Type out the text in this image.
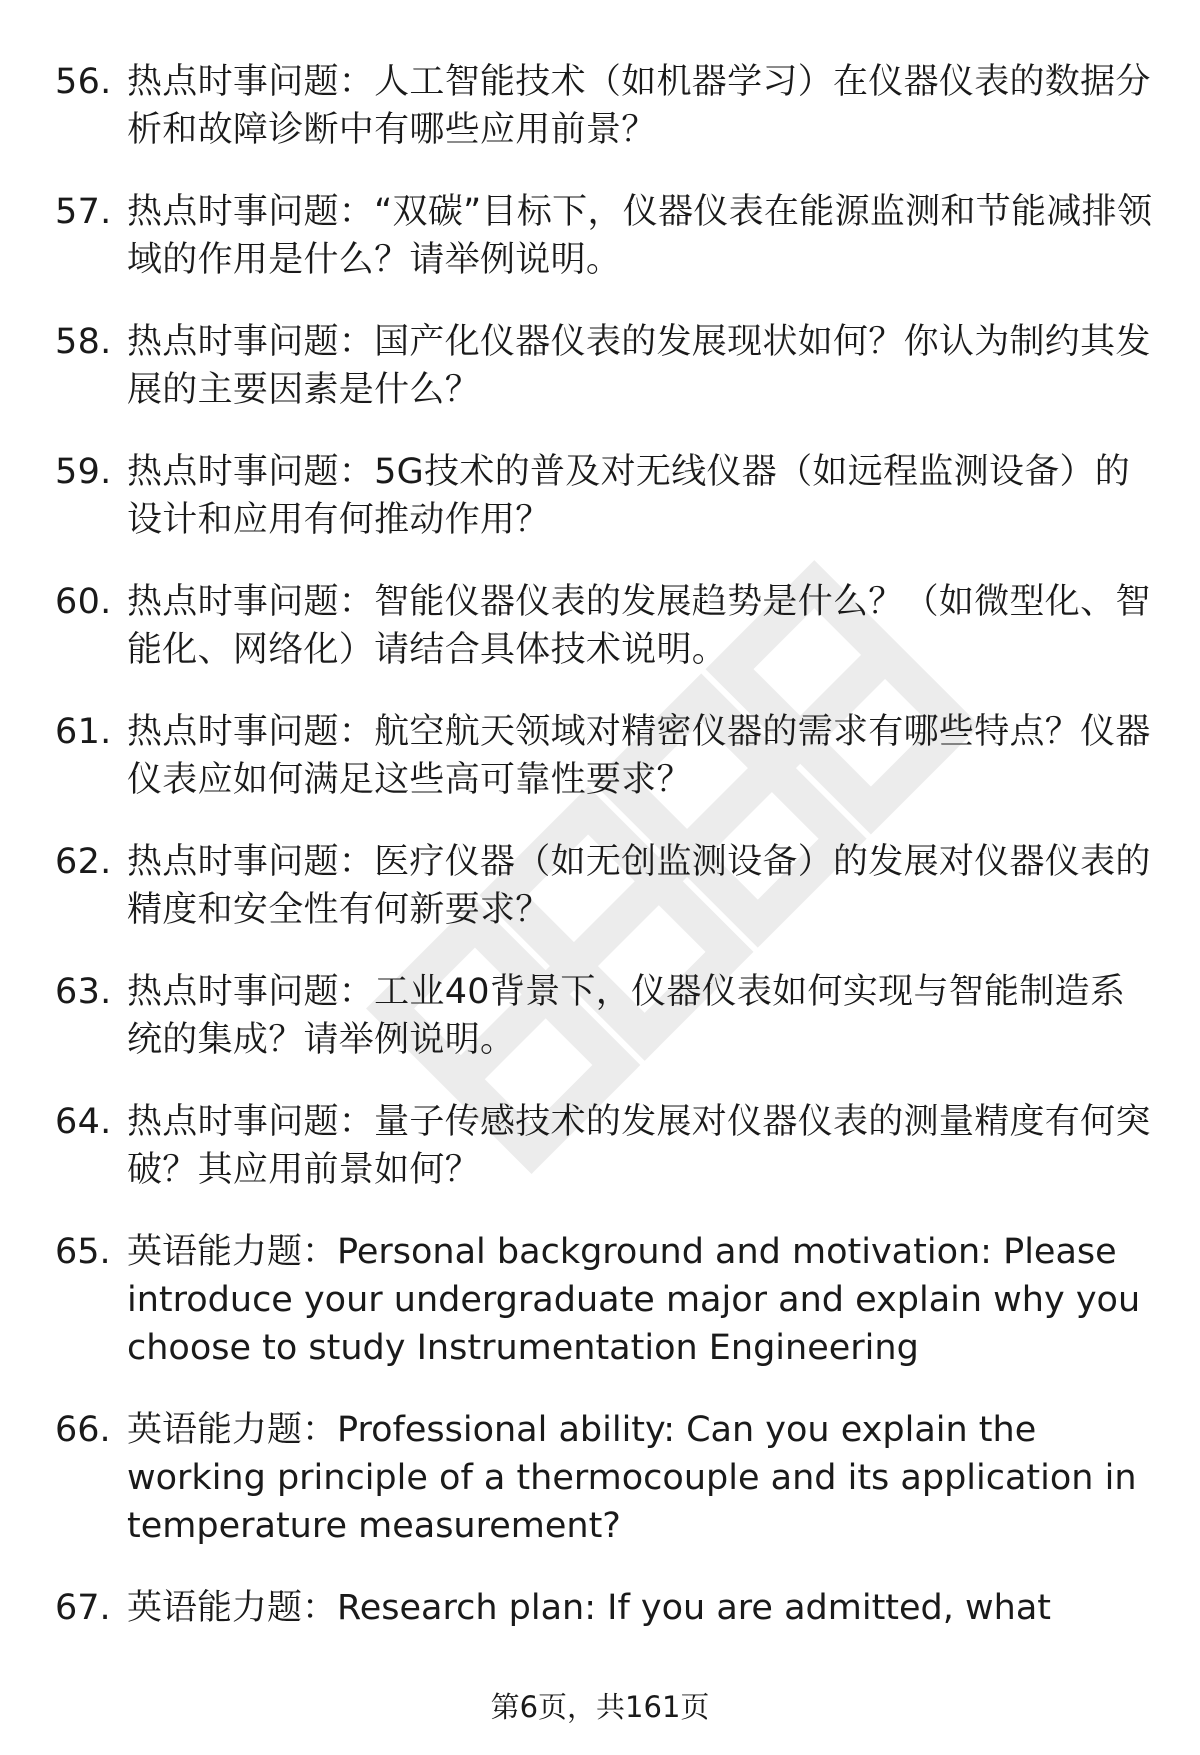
56. 热点时事问题：人工智能技术（如机器学习）在仪器仪表的数据分析和故障诊断中有哪些应用前景？
57. 热点时事问题：“双碳”目标下，仪器仪表在能源监测和节能减排领域的作用是什么？请举例说明。
58. 热点时事问题：国产化仪器仪表的发展现状如何？你认为制约其发展的主要因素是什么？
59. 热点时事问题：5G技术的普及对无线仪器（如远程监测设备）的设计和应用有何推动作用？
60. 热点时事问题：智能仪器仪表的发展趋势是什么？（如微型化、智能化、网络化）请结合具体技术说明。
61. 热点时事问题：航空航天领域对精密仪器的需求有哪些特点？仪器仪表应如何满足这些高可靠性要求？
62. 热点时事问题：医疗仪器（如无创监测设备）的发展对仪器仪表的精度和安全性有何新要求？
63. 热点时事问题：工业40背景下，仪器仪表如何实现与智能制造系统的集成？请举例说明。
64. 热点时事问题：量子传感技术的发展对仪器仪表的测量精度有何突破？其应用前景如何？
65. 英语能力题：Personal background and motivation: Please introduce your undergraduate major and explain why you choose to study Instrumentation Engineering
66. 英语能力题：Professional ability: Can you explain the working principle of a thermocouple and its application in temperature measurement?
67. 英语能力题：Research plan: If you are admitted, what
第6页，共161页
